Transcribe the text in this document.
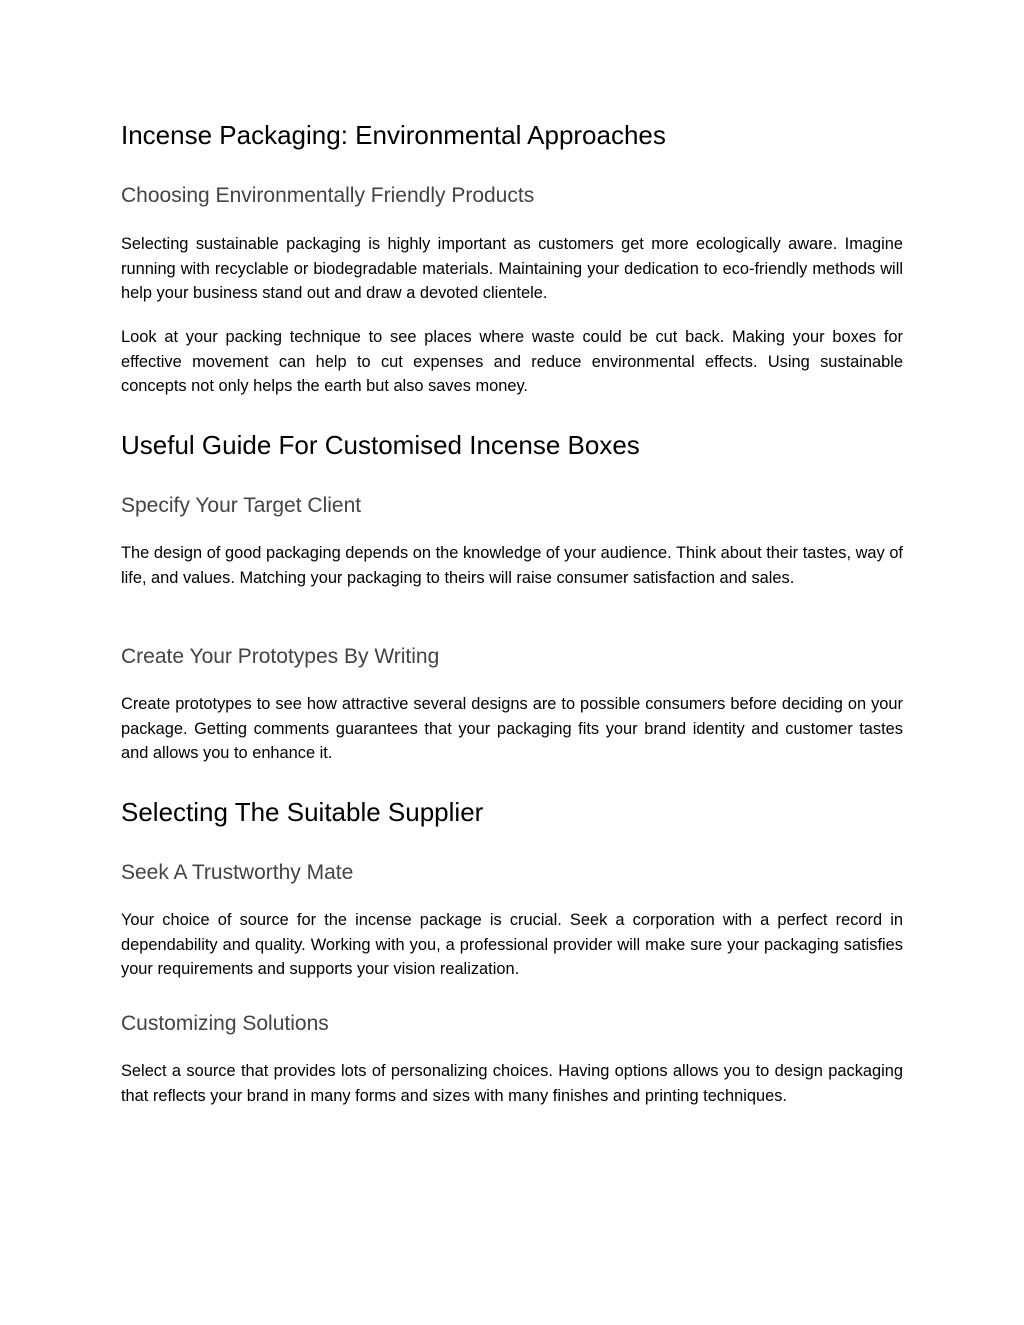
Incense Packaging: Environmental Approaches
Choosing Environmentally Friendly Products

Selecting sustainable packaging is highly important as customers get more ecologically aware. Imagine running with recyclable or biodegradable materials. Maintaining your dedication to eco-friendly methods will help your business stand out and draw a devoted clientele.

Look at your packing technique to see places where waste could be cut back. Making your boxes for effective movement can help to cut expenses and reduce environmental effects. Using sustainable concepts not only helps the earth but also saves money.

Useful Guide For Customised Incense Boxes
Specify Your Target Client

The design of good packaging depends on the knowledge of your audience. Think about their tastes, way of life, and values. Matching your packaging to theirs will raise consumer satisfaction and sales.

Create Your Prototypes By Writing

Create prototypes to see how attractive several designs are to possible consumers before deciding on your package. Getting comments guarantees that your packaging fits your brand identity and customer tastes and allows you to enhance it.

Selecting The Suitable Supplier
Seek A Trustworthy Mate

Your choice of source for the incense package is crucial. Seek a corporation with a perfect record in dependability and quality. Working with you, a professional provider will make sure your packaging satisfies your requirements and supports your vision realization.

Customizing Solutions

Select a source that provides lots of personalizing choices. Having options allows you to design packaging that reflects your brand in many forms and sizes with many finishes and printing techniques.
